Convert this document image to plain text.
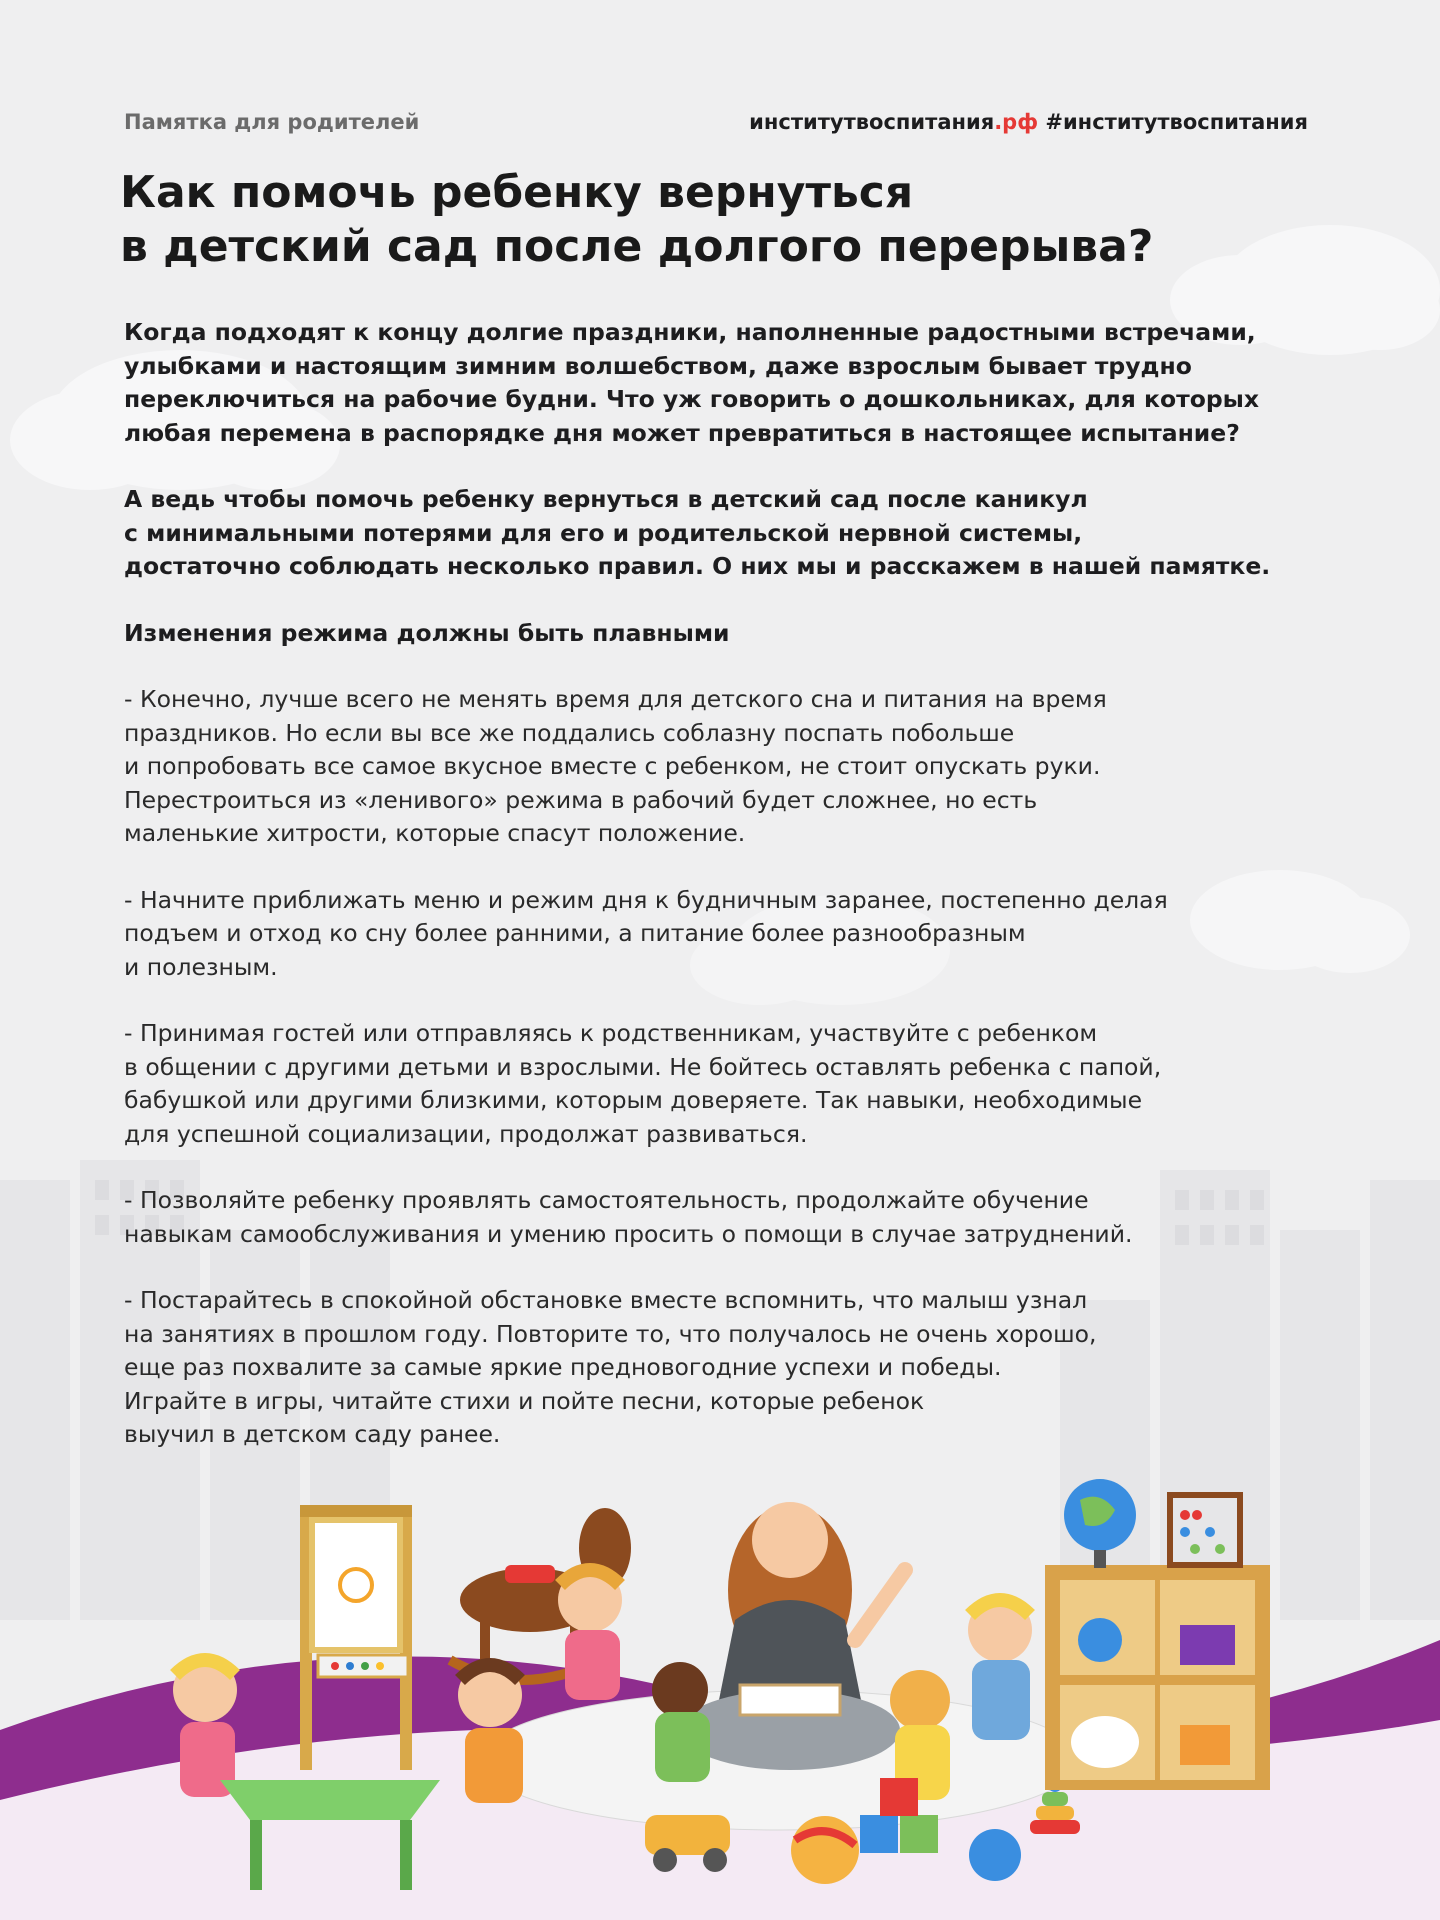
Памятка для родителей	институтвоспитания.рф #институтвоспитания
Как помочь ребенку вернуться
в детский сад после долгого перерыва?

Когда подходят к концу долгие праздники, наполненные радостными встречами,
улыбками и настоящим зимним волшебством, даже взрослым бывает трудно
переключиться на рабочие будни. Что уж говорить о дошкольниках, для которых
любая перемена в распорядке дня может превратиться в настоящее испытание?

А ведь чтобы помочь ребенку вернуться в детский сад после каникул
с минимальными потерями для его и родительской нервной системы,
достаточно соблюдать несколько правил. О них мы и расскажем в нашей памятке.

Изменения режима должны быть плавными

- Конечно, лучше всего не менять время для детского сна и питания на время
праздников. Но если вы все же поддались соблазну поспать побольше
и попробовать все самое вкусное вместе с ребенком, не стоит опускать руки.
Перестроиться из «ленивого» режима в рабочий будет сложнее, но есть
маленькие хитрости, которые спасут положение.

- Начните приближать меню и режим дня к будничным заранее, постепенно делая
подъем и отход ко сну более ранними, а питание более разнообразным
и полезным.

- Принимая гостей или отправляясь к родственникам, участвуйте с ребенком
в общении с другими детьми и взрослыми. Не бойтесь оставлять ребенка с папой,
бабушкой или другими близкими, которым доверяете. Так навыки, необходимые
для успешной социализации, продолжат развиваться.

- Позволяйте ребенку проявлять самостоятельность, продолжайте обучение
навыкам самообслуживания и умению просить о помощи в случае затруднений.

- Постарайтесь в спокойной обстановке вместе вспомнить, что малыш узнал
на занятиях в прошлом году. Повторите то, что получалось не очень хорошо,
еще раз похвалите за самые яркие предновогодние успехи и победы.
Играйте в игры, читайте стихи и пойте песни, которые ребенок
выучил в детском саду ранее.
